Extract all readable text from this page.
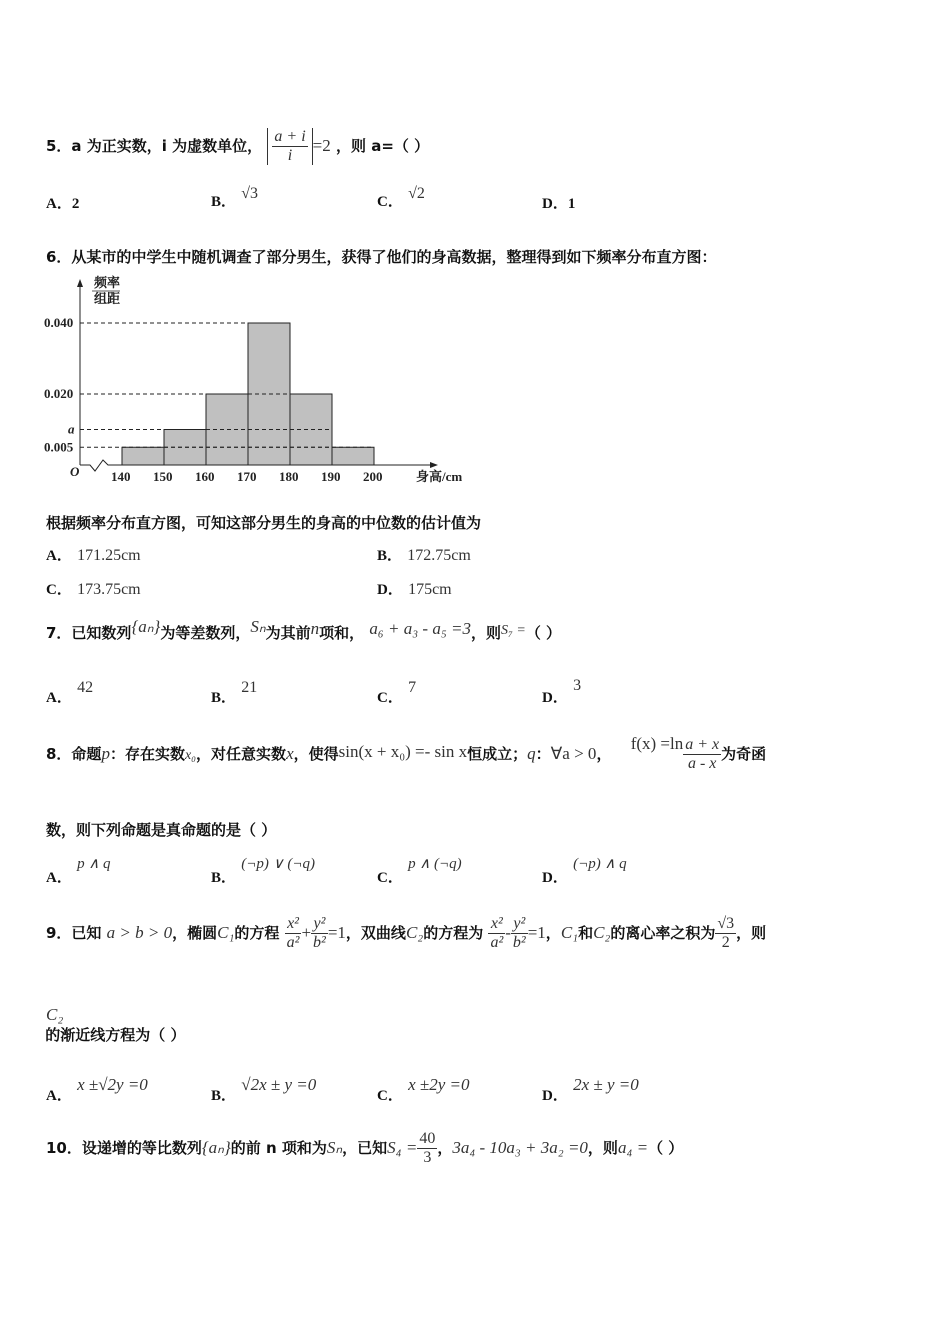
5．a 为正实数，i 为虚数单位， $\frac{a + i}{i} =2$ ，则 a=（ ）
A．2	B． √3	C． √2
D．1
6．从某市的中学生中随机调查了部分男生，获得了他们的身高数据，整理得到如下频率分布直方图：
频率
组距
O	身高/cm
140 150 160 170 180 190 200
0.040
0.020
a
0.005
根据频率分布直方图，可知这部分男生的身高的中位数的估计值为
A． 171.25cm	B． 172.75cm
C． 173.75cm	D． 175cm
7．已知数列{aₙ}为等差数列，Sₙ为其前n项和， a₆ + a₃ - a₅ =3，则S₇ =（ ）
A． 42
B． 21
C． 7
D． 3
8．命题p：存在实数x₀，对任意实数x，使得sin(x + x₀) =- sin x恒成立；q：∀a > 0， $f(x) =\ln \frac{a + x}{a - x}$ 为奇函
数，则下列命题是真命题的是（ ）
A． p ∧ q
B． (¬p) ∨ (¬q)
C． p ∧ (¬q)
D． (¬p) ∧ q
9．已知 a > b > 0，椭圆C₁的方程 $\frac{\text{x²}}{\text{a²}} + \frac{\text{y²}}{\text{b²}} =1$，双曲线C₂的方程为 $\frac{\text{x²}}{\text{a²}} - \frac{\text{y²}}{\text{b²}} =1$，C₁和C₂的离心率之积为 $\frac{√3}{2}$ ，则
C₂的渐近线方程为（ ）
A． x ±√2y =0
B． √2x ± y =0
C． x ±2y =0
D． 2x ± y =0
10．设递增的等比数列{aₙ}的前 n 项和为Sₙ，已知$S_4 = \frac{40}{3}$ ，3a₄ - 10a₃ + 3a₂ =0，则a₄ =（ ）
